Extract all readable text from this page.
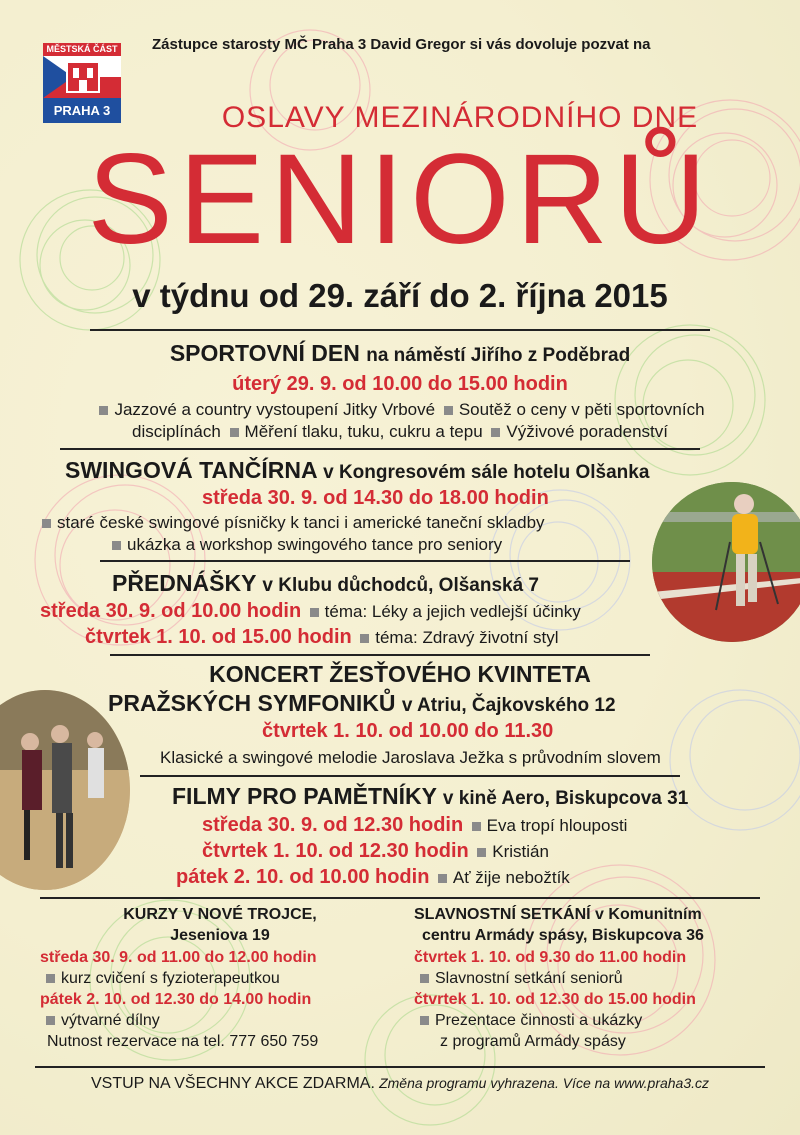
MĚSTSKÁ ČÁST
PRAHA 3
Zástupce starosty MČ Praha 3 David Gregor si vás dovoluje pozvat na
OSLAVY MEZINÁRODNÍHO DNE
SENIORŮ
v týdnu od 29. září do 2. října 2015
SPORTOVNÍ DEN na náměstí Jiřího z Poděbrad
úterý 29. 9. od 10.00 do 15.00 hodin
Jazzové a country vystoupení Jitky Vrbové Soutěž o ceny v pěti sportovních
disciplínách Měření tlaku, tuku, cukru a tepu Výživové poradenství
SWINGOVÁ TANČÍRNA v Kongresovém sále hotelu Olšanka
středa 30. 9. od 14.30 do 18.00 hodin
staré české swingové písničky k tanci i americké taneční skladby
ukázka a workshop swingového tance pro seniory
PŘEDNÁŠKY v Klubu důchodců, Olšanská 7
středa 30. 9. od 10.00 hodin téma: Léky a jejich vedlejší účinky
čtvrtek 1. 10. od 15.00 hodin téma: Zdravý životní styl
KONCERT ŽESŤOVÉHO KVINTETA
PRAŽSKÝCH SYMFONIKŮ v Atriu, Čajkovského 12
čtvrtek 1. 10. od 10.00 do 11.30
Klasické a swingové melodie Jaroslava Ježka s průvodním slovem
FILMY PRO PAMĚTNÍKY v kině Aero, Biskupcova 31
středa 30. 9. od 12.30 hodin Eva tropí hlouposti
čtvrtek 1. 10. od 12.30 hodin Kristián
pátek 2. 10. od 10.00 hodin Ať žije nebožtík
KURZY V NOVÉ TROJCE,
Jeseniova 19
středa 30. 9. od 11.00 do 12.00 hodin
kurz cvičení s fyzioterapeutkou
pátek 2. 10. od 12.30 do 14.00 hodin
výtvarné dílny
Nutnost rezervace na tel. 777 650 759
SLAVNOSTNÍ SETKÁNÍ v Komunitním
centru Armády spásy, Biskupcova 36
čtvrtek 1. 10. od 9.30 do 11.00 hodin
Slavnostní setkání seniorů
čtvrtek 1. 10. od 12.30 do 15.00 hodin
Prezentace činnosti a ukázky
z programů Armády spásy
VSTUP NA VŠECHNY AKCE ZDARMA. Změna programu vyhrazena. Více na www.praha3.cz
